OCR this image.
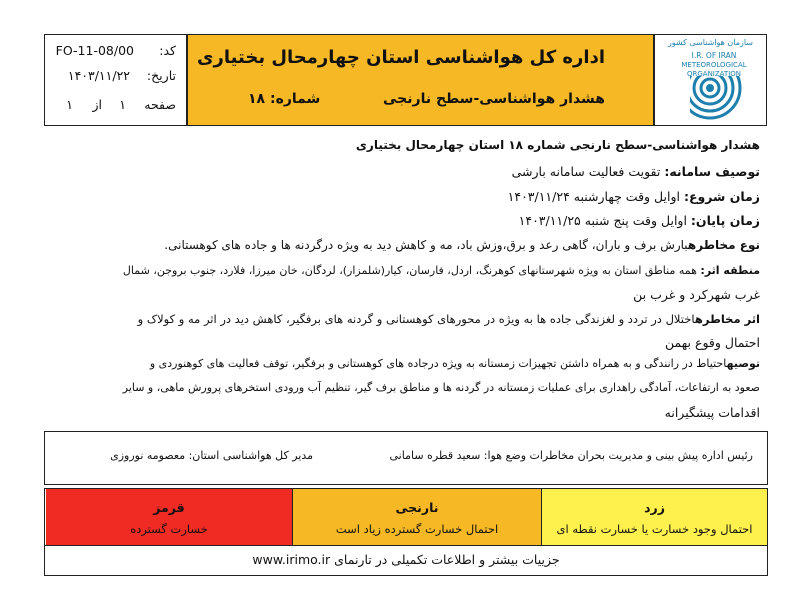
سازمان هواشناسی کشور
I.R. OF IRAN
METEOROLOGICAL
ORGANIZATION
اداره کل هواشناسی استان چهارمحال بختیاری
هشدار هواشناسی-سطح نارنجی
شماره: ۱۸
کد:
FO-11-08/00
تاریخ:
۱۴۰۳/۱۱/۲۲
صفحه
۱
از
۱
هشدار هواشناسی-سطح نارنجی شماره ۱۸ استان چهارمحال بختیاری
توصیف سامانه: تقویت فعالیت سامانه بارشی
زمان شروع: اوایل وقت چهارشنبه ۱۴۰۳/۱۱/۲۴
زمان پایان: اوایل وقت پنج شنبه ۱۴۰۳/۱۱/۲۵
نوع مخاطرهبارش برف و باران، گاهی رعد و برق،وزش باد، مه و کاهش دید به ویژه درگردنه ها و جاده های کوهستانی.
منطقه اثر: همه مناطق استان به ویژه شهرستانهای کوهرنگ، اردل، فارسان، کیار(شلمزار)، لردگان، خان میرزا، فلارد، جنوب بروجن، شمال
غرب شهرکرد و غرب بن
اثر مخاطرهاختلال در تردد و لغزندگی جاده ها به ویژه در محورهای کوهستانی و گردنه های برفگیر، کاهش دید در اثر مه و کولاک و
احتمال وقوع بهمن
توصیهاحتیاط در رانندگی و به همراه داشتن تجهیزات زمستانه به ویژه درجاده های کوهستانی و برفگیر، توقف فعالیت های کوهنوردی و
صعود به ارتفاعات، آمادگی راهداری برای عملیات زمستانه در گردنه ها و مناطق برف گیر، تنظیم آب ورودی استخرهای پرورش ماهی، و سایر
اقدامات پیشگیرانه
رئیس اداره پیش بینی و مدیریت بحران مخاطرات وضع هوا: سعید قطره سامانی
مدیر کل هواشناسی استان: معصومه نوروزی
زرد
احتمال وجود خسارت یا خسارت نقطه ای
نارنجی
احتمال خسارت گسترده زیاد است
قرمز
خسارت گسترده
جزییات بیشتر و اطلاعات تکمیلی در تارنمای www.irimo.ir
